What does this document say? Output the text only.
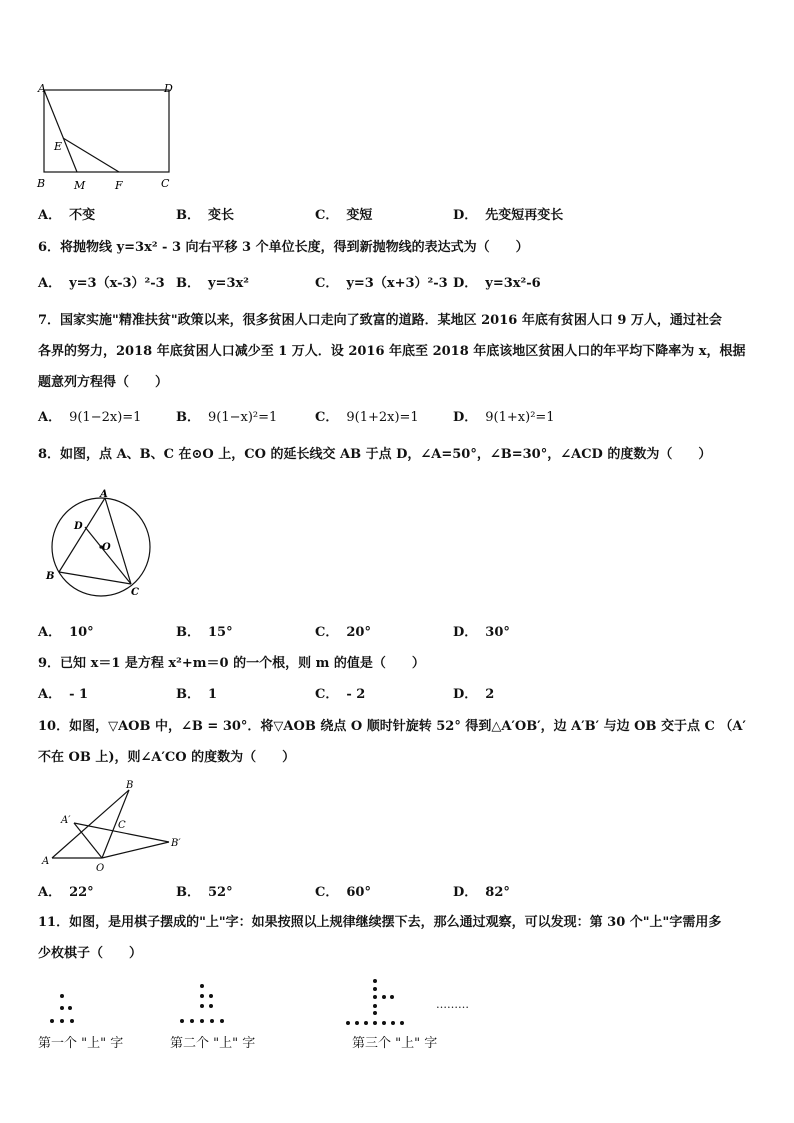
A	D
E
B	M	F	C
A． 不变	B． 变长	C． 变短	D． 先变短再变长
6．将抛物线 y=3x² - 3 向右平移 3 个单位长度，得到新抛物线的表达式为（　　）
A． y=3（x-3）²-3 B． y=3x²	C． y=3（x+3）²-3 D． y=3x²-6
7．国家实施"精准扶贫"政策以来，很多贫困人口走向了致富的道路．某地区 2016 年底有贫困人口 9 万人，通过社会
各界的努力，2018 年底贫困人口减少至 1 万人．设 2016 年底至 2018 年底该地区贫困人口的年平均下降率为 x，根据
题意列方程得（　　）
A． 9(1−2x)=1	B． 9(1−x)²=1	C． 9(1+2x)=1	D． 9(1+x)²=1
8．如图，点 A、B、C 在⊙O 上，CO 的延长线交 AB 于点 D，∠A=50°，∠B=30°，∠ACD 的度数为（　　）
A
D
O
B
C
A． 10°	B． 15°	C． 20°	D． 30°
9．已知 x＝1 是方程 x²+m＝0 的一个根，则 m 的值是（　　）
A． - 1	B． 1	C． - 2	D． 2
10．如图，▽AOB 中，∠B = 30°．将▽AOB 绕点 O 顺时针旋转 52° 得到△A′OB′，边 A′B′ 与边 OB 交于点 C （A′
不在 OB 上)，则∠A′CO 的度数为（　　）
B
A′	C
B′
A
O
A． 22°	B． 52°	C． 60°	D． 82°
11．如图，是用棋子摆成的"上"字：如果按照以上规律继续摆下去，那么通过观察，可以发现：第 30 个"上"字需用多
少枚棋子（　　）
………
第一个 "上" 字	第二个 "上" 字	第三个 "上" 字
